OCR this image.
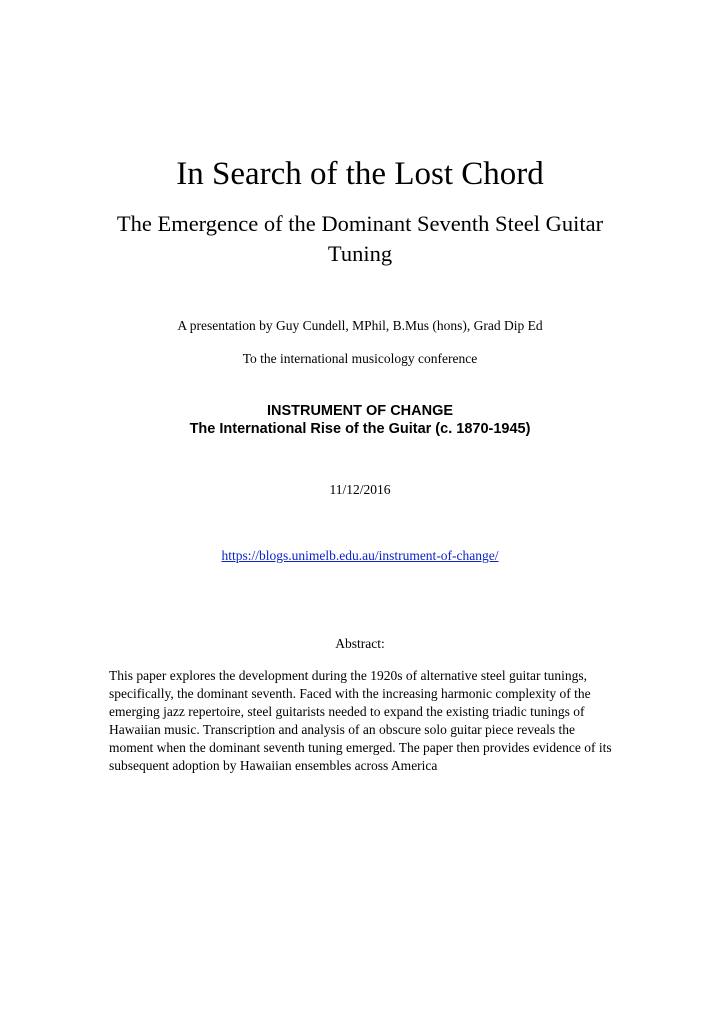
In Search of the Lost Chord
The Emergence of the Dominant Seventh Steel Guitar Tuning
A presentation by Guy Cundell, MPhil, B.Mus (hons), Grad Dip Ed
To the international musicology conference
INSTRUMENT OF CHANGE
The International Rise of the Guitar (c. 1870-1945)
11/12/2016
https://blogs.unimelb.edu.au/instrument-of-change/
Abstract:
This paper explores the development during the 1920s of alternative steel guitar tunings, specifically, the dominant seventh. Faced with the increasing harmonic complexity of the emerging jazz repertoire, steel guitarists needed to expand the existing triadic tunings of Hawaiian music. Transcription and analysis of an obscure solo guitar piece reveals the moment when the dominant seventh tuning emerged. The paper then provides evidence of its subsequent adoption by Hawaiian ensembles across America
